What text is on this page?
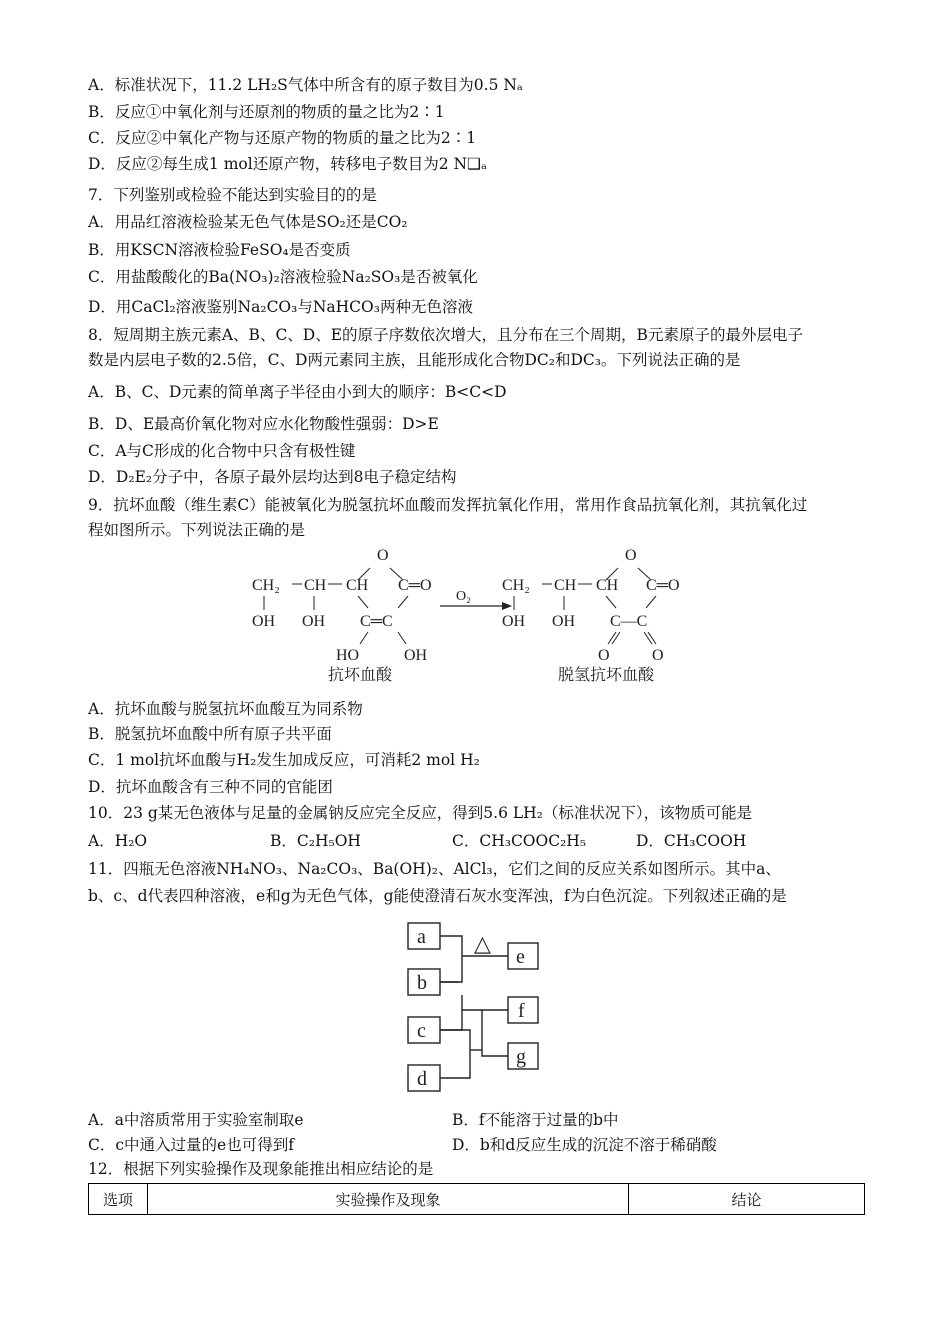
A．标准状况下，11.2 LH₂S气体中所含有的原子数目为0.5 Nₐ
B．反应①中氧化剂与还原剂的物质的量之比为2∶1
C．反应②中氧化产物与还原产物的物质的量之比为2∶1
D．反应②每生成1 mol还原产物，转移电子数目为2 N❑ₐ
7．下列鉴别或检验不能达到实验目的的是
A．用品红溶液检验某无色气体是SO₂还是CO₂
B．用KSCN溶液检验FeSO₄是否变质
C．用盐酸酸化的Ba(NO₃)₂溶液检验Na₂SO₃是否被氧化
D．用CaCl₂溶液鉴别Na₂CO₃与NaHCO₃两种无色溶液
8．短周期主族元素A、B、C、D、E的原子序数依次增大，且分布在三个周期，B元素原子的最外层电子
数是内层电子数的2.5倍，C、D两元素同主族，且能形成化合物DC₂和DC₃。下列说法正确的是
A．B、C、D元素的简单离子半径由小到大的顺序：B<C<D
B．D、E最高价氧化物对应水化物酸性强弱：D>E
C．A与C形成的化合物中只含有极性键
D．D₂E₂分子中，各原子最外层均达到8电子稳定结构
9．抗坏血酸（维生素C）能被氧化为脱氢抗坏血酸而发挥抗氧化作用，常用作食品抗氧化剂，其抗氧化过
程如图所示。下列说法正确的是
O
CH₂ CH CH C═O
OH OH C═C
HO	OH
抗坏血酸
O₂
O
CH₂ CH CH C═O
OH OH C—C
O	O
脱氢抗坏血酸
A．抗坏血酸与脱氢抗坏血酸互为同系物
B．脱氢抗坏血酸中所有原子共平面
C．1 mol抗坏血酸与H₂发生加成反应，可消耗2 mol H₂
D．抗坏血酸含有三种不同的官能团
10．23 g某无色液体与足量的金属钠反应完全反应，得到5.6 LH₂（标准状况下），该物质可能是
A．H₂O	B．C₂H₅OH	C．CH₃COOC₂H₅	D．CH₃COOH
11．四瓶无色溶液NH₄NO₃、Na₂CO₃、Ba(OH)₂、AlCl₃，它们之间的反应关系如图所示。其中a、
b、c、d代表四种溶液，e和g为无色气体，g能使澄清石灰水变浑浊，f为白色沉淀。下列叙述正确的是
a
b
c
d
e
f
g
△
A．a中溶质常用于实验室制取e	B．f不能溶于过量的b中
C．c中通入过量的e也可得到f	D．b和d反应生成的沉淀不溶于稀硝酸
12．根据下列实验操作及现象能推出相应结论的是
选项	实验操作及现象	结论
